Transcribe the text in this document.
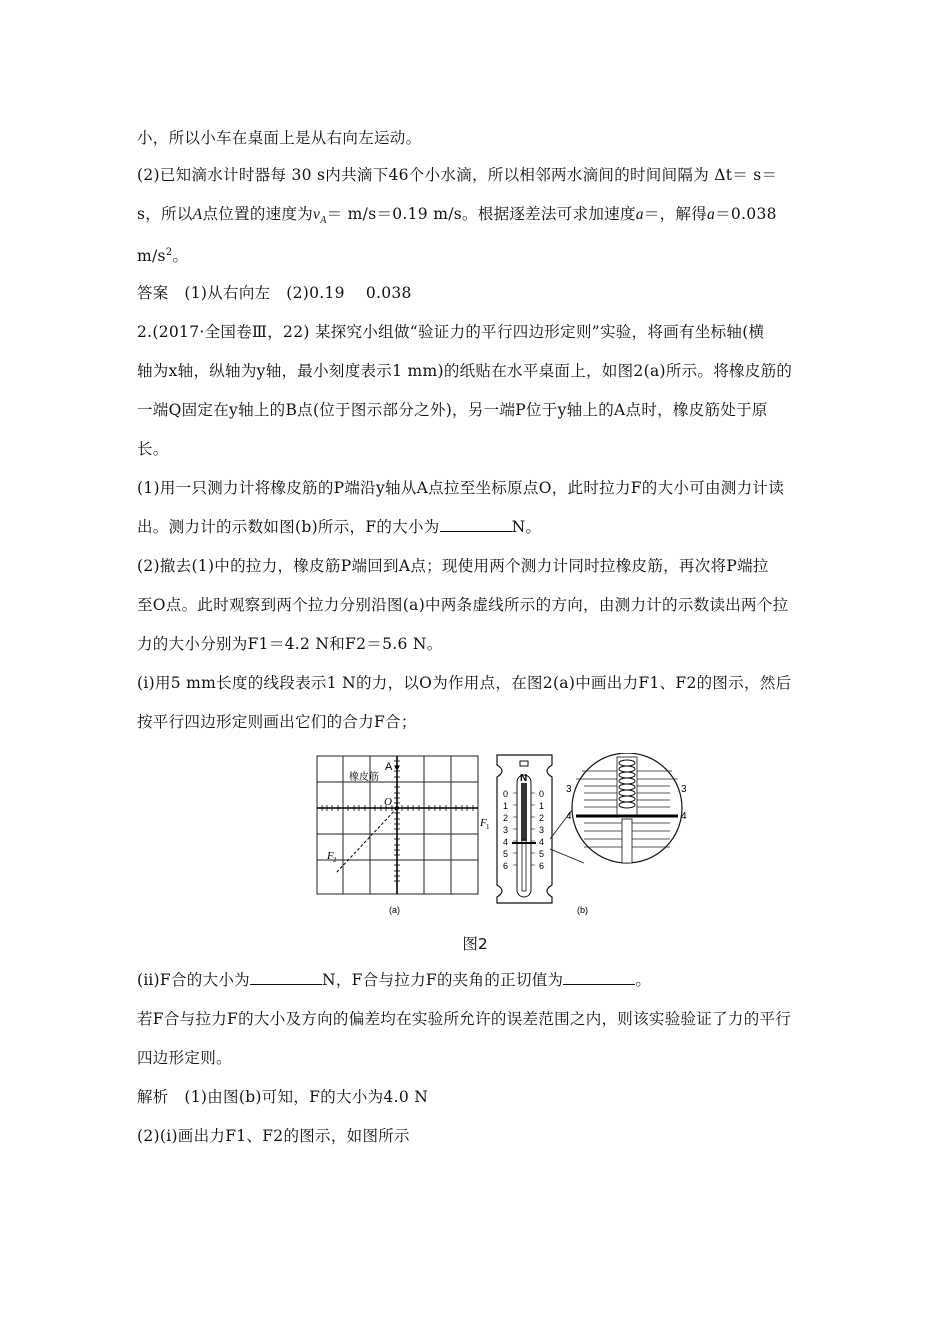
小，所以小车在桌面上是从右向左运动。
(2)已知滴水计时器每 30 s内共滴下46个小水滴，所以相邻两水滴间的时间间隔为 Δt＝ s＝
s，所以A点位置的速度为$v_A= m/s=0.19$ m/s。根据逐差法可求加速度a＝，解得a＝0.038
$m/s^2$。
答案　(1)从右向左　(2)0.19　 0.038
2.(2017·全国卷Ⅲ，22) 某探究小组做“验证力的平行四边形定则”实验，将画有坐标轴(横
轴为x轴，纵轴为y轴，最小刻度表示1 mm)的纸贴在水平桌面上，如图2(a)所示。将橡皮筋的
一端Q固定在y轴上的B点(位于图示部分之外)，另一端P位于y轴上的A点时，橡皮筋处于原
长。
(1)用一只测力计将橡皮筋的P端沿y轴从A点拉至坐标原点O，此时拉力F的大小可由测力计读
出。测力计的示数如图(b)所示，F的大小为	N。
(2)撤去(1)中的拉力，橡皮筋P端回到A点；现使用两个测力计同时拉橡皮筋，再次将P端拉
至O点。此时观察到两个拉力分别沿图(a)中两条虚线所示的方向，由测力计的示数读出两个拉
力的大小分别为F1＝4.2 N和F2＝5.6 N。
(ⅰ)用5 mm长度的线段表示1 N的力，以O为作用点，在图2(a)中画出力F1、F2的图示，然后
按平行四边形定则画出它们的合力F合；
A
橡皮筋
O
F 1
F 2
(a)
N
0
1
2
3
4
5
6
0
1
2
3
4
5
6
3	3
4	4
(b)
图2
(ⅱ)F合的大小为	N，F合与拉力F的夹角的正切值为	。
若F合与拉力F的大小及方向的偏差均在实验所允许的误差范围之内，则该实验验证了力的平行
四边形定则。
解析　(1)由图(b)可知，F的大小为4.0 N
(2)(ⅰ)画出力F1、F2的图示，如图所示
